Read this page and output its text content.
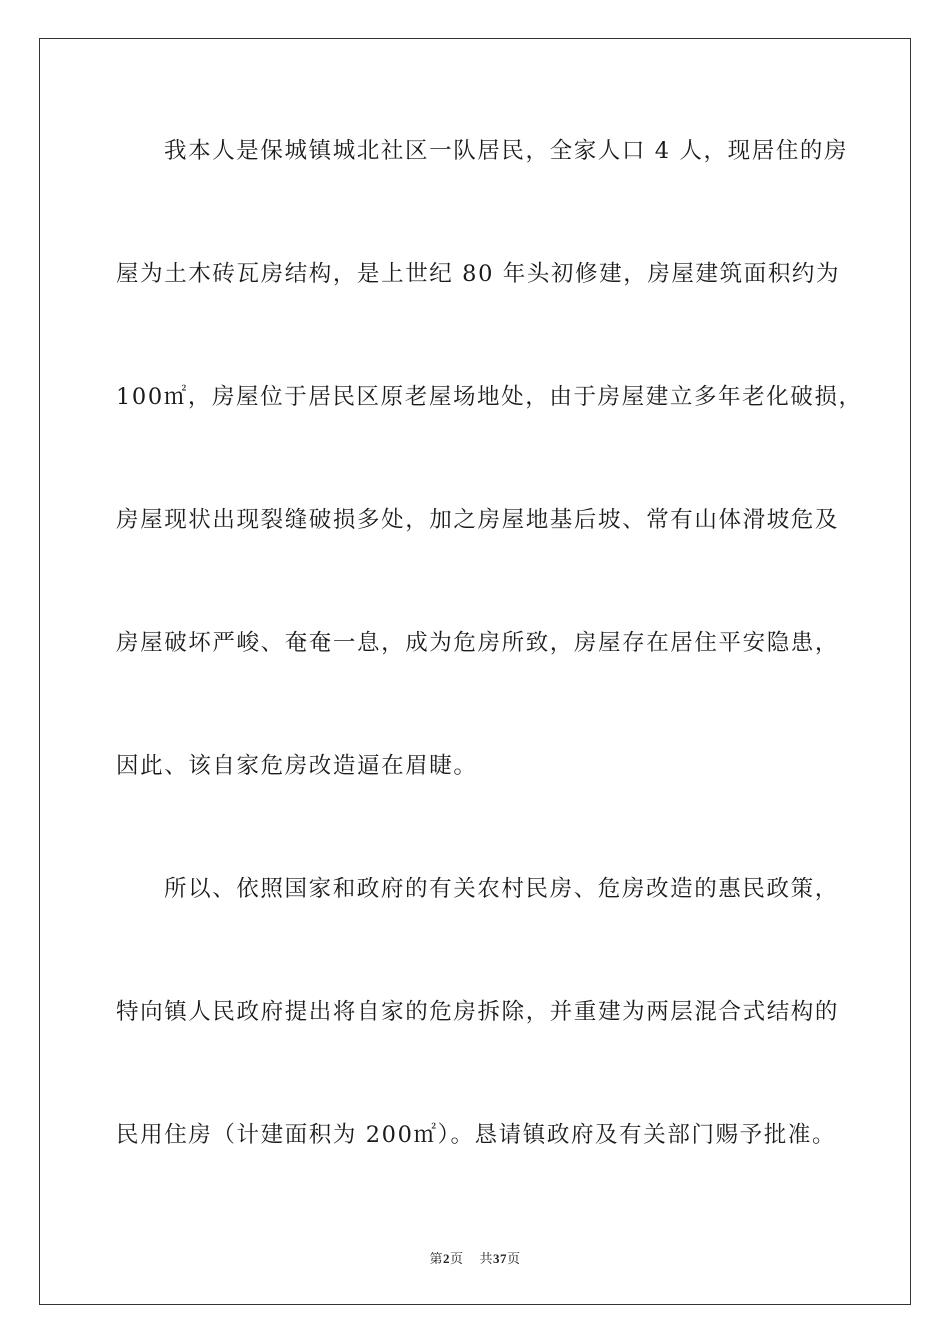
我本人是保城镇城北社区一队居民，全家人口 4 人，现居住的房
屋为土木砖瓦房结构，是上世纪 80 年头初修建，房屋建筑面积约为
100㎡，房屋位于居民区原老屋场地处，由于房屋建立多年老化破损，
房屋现状出现裂缝破损多处，加之房屋地基后坡、常有山体滑坡危及
房屋破坏严峻、奄奄一息，成为危房所致，房屋存在居住平安隐患，
因此、该自家危房改造逼在眉睫。
所以、依照国家和政府的有关农村民房、危房改造的惠民政策，
特向镇人民政府提出将自家的危房拆除，并重建为两层混合式结构的
民用住房（计建面积为 200㎡）。恳请镇政府及有关部门赐予批准。
第2页 共37页
